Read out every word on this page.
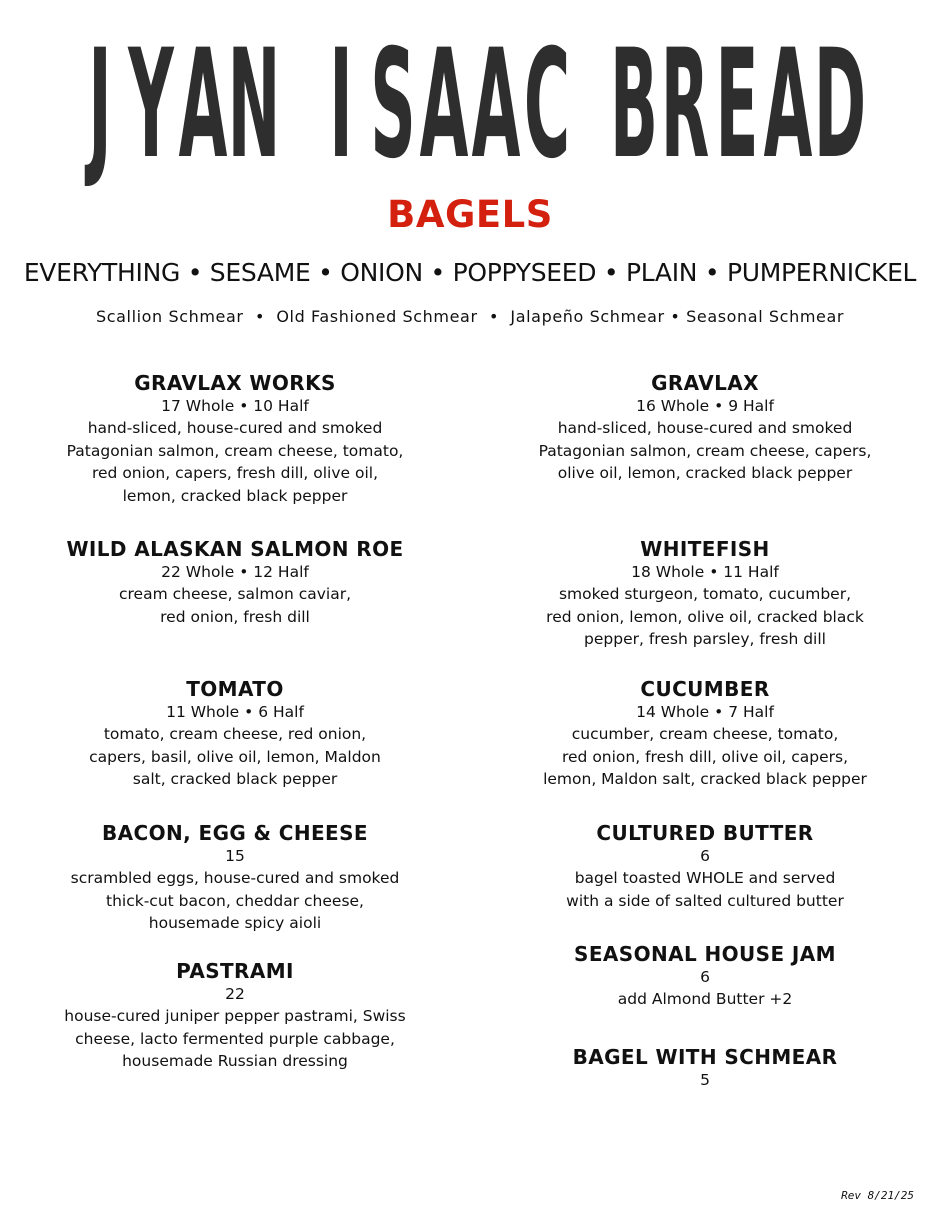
J Y A N I S A A C B R E A D
BAGELS
EVERYTHING • SESAME • ONION • POPPYSEED • PLAIN • PUMPERNICKEL
Scallion Schmear  •  Old Fashioned Schmear  •  Jalapeño Schmear • Seasonal Schmear
GRAVLAX WORKS
17 Whole • 10 Half
hand-sliced, house-cured and smoked
Patagonian salmon, cream cheese, tomato,
red onion, capers, fresh dill, olive oil,
lemon, cracked black pepper
WILD ALASKAN SALMON ROE
22 Whole • 12 Half
cream cheese, salmon caviar,
red onion, fresh dill
TOMATO
11 Whole • 6 Half
tomato, cream cheese, red onion,
capers, basil, olive oil, lemon, Maldon
salt, cracked black pepper
BACON, EGG & CHEESE
15
scrambled eggs, house-cured and smoked
thick-cut bacon, cheddar cheese,
housemade spicy aioli
PASTRAMI
22
house-cured juniper pepper pastrami, Swiss
cheese, lacto fermented purple cabbage,
housemade Russian dressing
GRAVLAX
16 Whole • 9 Half
hand-sliced, house-cured and smoked
Patagonian salmon, cream cheese, capers,
olive oil, lemon, cracked black pepper
WHITEFISH
18 Whole • 11 Half
smoked sturgeon, tomato, cucumber,
red onion, lemon, olive oil, cracked black
pepper, fresh parsley, fresh dill
CUCUMBER
14 Whole • 7 Half
cucumber, cream cheese, tomato,
red onion, fresh dill, olive oil, capers,
lemon, Maldon salt, cracked black pepper
CULTURED BUTTER
6
bagel toasted WHOLE and served
with a side of salted cultured butter
SEASONAL HOUSE JAM
6
add Almond Butter +2
BAGEL WITH SCHMEAR
5
Rev 8/21/25
